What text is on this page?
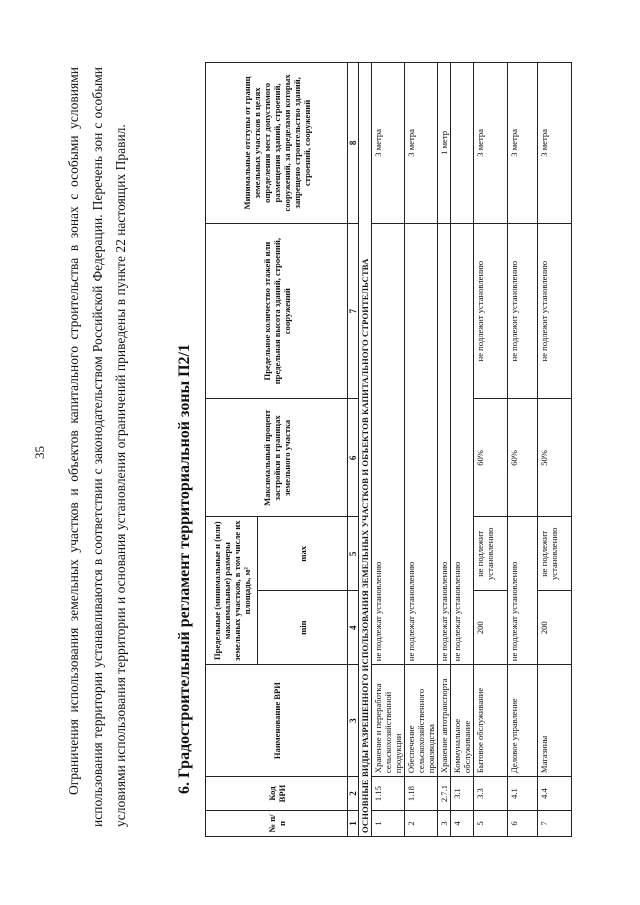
35 Ограничения использования земельных участков и объектов капитального строительства в зонах с особыми условиями использования территории устанавливаются в соответствии с законодательством Российской Федерации. Перечень зон с особыми условиями использования территории и основания установления ограничений приведены в пункте 22 настоящих Правил.	6. Градостроительный регламент территориальной зоны П2/1
№ п/п	Код ВРИ	Наименование ВРИ	Предельные (минимальные и (или) максимальные) размеры земельных участков, в том числе их площадь, м²		Максимальный процент застройки в границах земельного участка	Предельное количество этажей или предельная высота зданий, строений, сооружений	Минимальные отступы от границ земельных участков в целях определения мест допустимого размещения зданий, строений, сооружений, за пределами которых запрещено строительство зданий, строений, сооружений
			min	max			
1	2	3	4	5	6	7	8
ОСНОВНЫЕ ВИДЫ РАЗРЕШЕННОГО ИСПОЛЬЗОВАНИЯ ЗЕМЕЛЬНЫХ УЧАСТКОВ И ОБЪЕКТОВ КАПИТАЛЬНОГО СТРОИТЕЛЬСТВА							
1	1.15	Хранение и переработка сельскохозяйственной продукции	не подлежат установлению				3 метра
2	1.18	Обеспечение сельскохозяйственного производства	не подлежат установлению				3 метра
3	2.7.1	Хранение автотранспорта	не подлежат установлению				1 метр
4	3.1	Коммунальное обслуживание	не подлежат установлению				
5	3.3	Бытовое обслуживание	200	не подлежит установлению	60%	не подлежит установлению	3 метра
6	4.1	Деловое управление	не подлежат установлению		60%	не подлежит установлению	3 метра
7	4.4	Магазины	200	не подлежит установлению	50%	не подлежит установлению	3 метра
